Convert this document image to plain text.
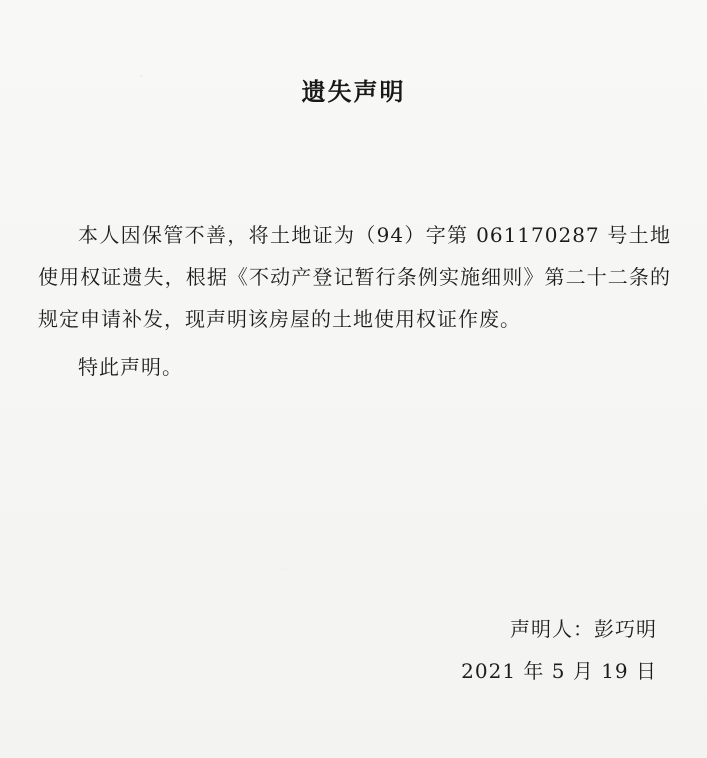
遗失声明

本人因保管不善，将土地证为（94）字第 061170287 号土地使用权证遗失，根据《不动产登记暂行条例实施细则》第二十二条的规定申请补发，现声明该房屋的土地使用权证作废。

特此声明。

声明人：彭巧明
2021 年 5 月 19 日
